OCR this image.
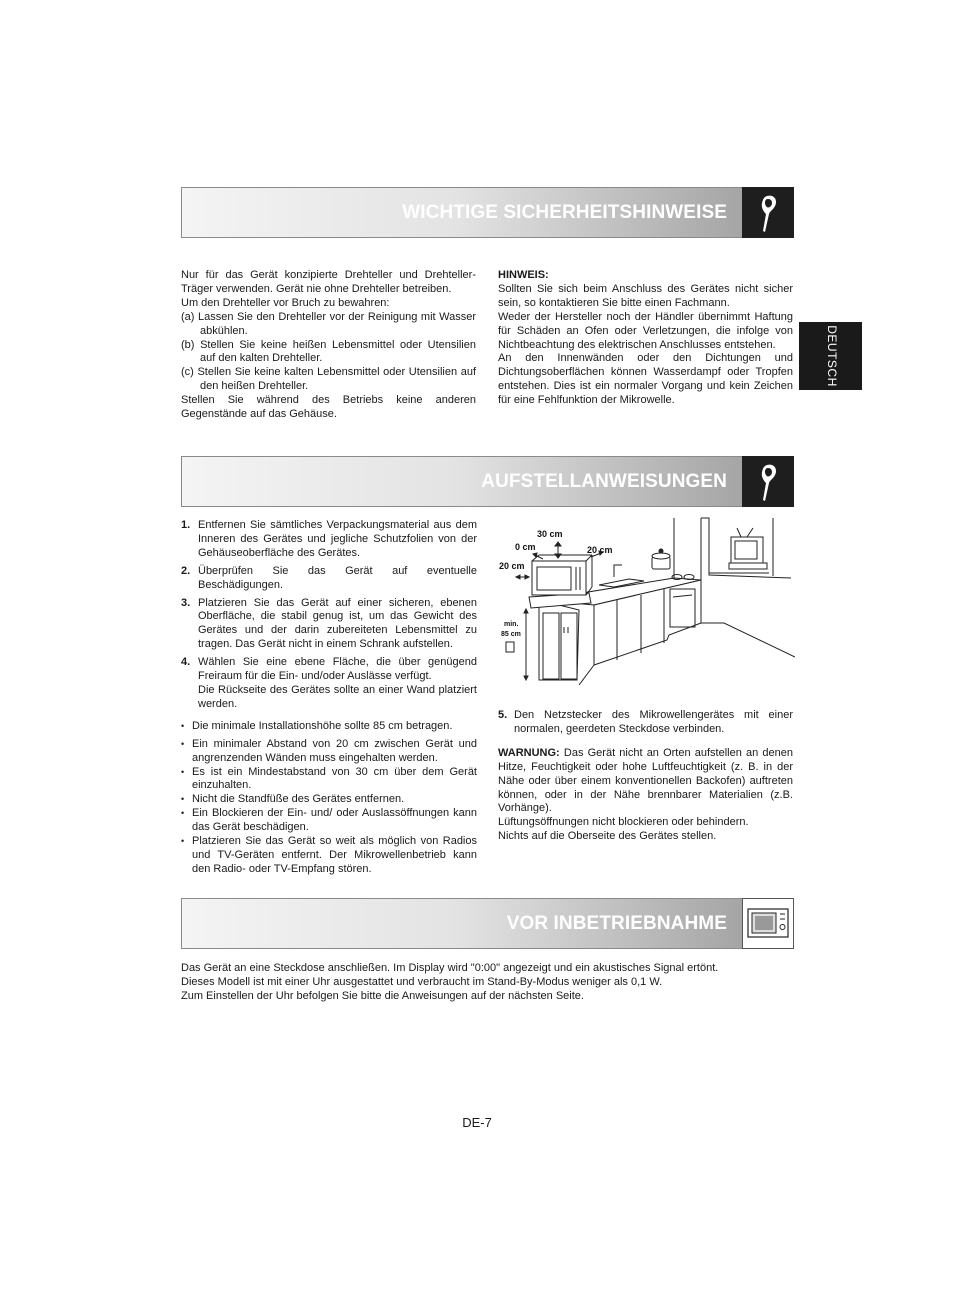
DEUTSCH
WICHTIGE SICHERHEITSHINWEISE

Nur für das Gerät konzipierte Drehteller und Drehteller-Träger verwenden. Gerät nie ohne Drehteller betreiben.

Um den Drehteller vor Bruch zu bewahren:

(a) Lassen Sie den Drehteller vor der Reinigung mit Wasser abkühlen.

(b) Stellen Sie keine heißen Lebensmittel oder Utensilien auf den kalten Drehteller.

(c) Stellen Sie keine kalten Lebensmittel oder Utensilien auf den heißen Drehteller.

Stellen Sie während des Betriebs keine anderen Gegenstände auf das Gehäuse.

HINWEIS:

Sollten Sie sich beim Anschluss des Gerätes nicht sicher sein, so kontaktieren Sie bitte einen Fachmann.

Weder der Hersteller noch der Händler übernimmt Haftung für Schäden an Ofen oder Verletzungen, die infolge von Nichtbeachtung des elektrischen Anschlusses entstehen.

An den Innenwänden oder den Dichtungen und Dichtungsoberflächen können Wasserdampf oder Tropfen entstehen. Dies ist ein normaler Vorgang und kein Zeichen für eine Fehlfunktion der Mikrowelle.

AUFSTELLANWEISUNGEN
1. Entfernen Sie sämtliches Verpackungsmaterial aus dem Inneren des Gerätes und jegliche Schutzfolien von der Gehäuseoberfläche des Gerätes.
2. Überprüfen Sie das Gerät auf eventuelle Beschädigungen.
3. Platzieren Sie das Gerät auf einer sicheren, ebenen Oberfläche, die stabil genug ist, um das Gewicht des Gerätes und der darin zubereiteten Lebensmittel zu tragen. Das Gerät nicht in einem Schrank aufstellen.
4. Wählen Sie eine ebene Fläche, die über genügend Freiraum für die Ein- und/oder Auslässe verfügt.
Die Rückseite des Gerätes sollte an einer Wand platziert werden.

• Die minimale Installationshöhe sollte 85 cm betragen.

• Ein minimaler Abstand von 20 cm zwischen Gerät und angrenzenden Wänden muss eingehalten werden.

• Es ist ein Mindestabstand von 30 cm über dem Gerät einzuhalten.

• Nicht die Standfüße des Gerätes entfernen.

• Ein Blockieren der Ein- und/ oder Auslassöffnungen kann das Gerät beschädigen.

• Platzieren Sie das Gerät so weit als möglich von Radios und TV-Geräten entfernt. Der Mikrowellenbetrieb kann den Radio- oder TV-Empfang stören.

30 cm
0 cm	20 cm
20 cm
min.
85 cm
5. Den Netzstecker des Mikrowellengerätes mit einer normalen, geerdeten Steckdose verbinden.

WARNUNG: Das Gerät nicht an Orten aufstellen an denen Hitze, Feuchtigkeit oder hohe Luftfeuchtigkeit (z. B. in der Nähe oder über einem konventionellen Backofen) auftreten können, oder in der Nähe brennbarer Materialien (z.B. Vorhänge).

Lüftungsöffnungen nicht blockieren oder behindern.

Nichts auf die Oberseite des Gerätes stellen.

VOR INBETRIEBNAHME

Das Gerät an eine Steckdose anschließen. Im Display wird "0:00" angezeigt und ein akustisches Signal ertönt.

Dieses Modell ist mit einer Uhr ausgestattet und verbraucht im Stand-By-Modus weniger als 0,1 W.

Zum Einstellen der Uhr befolgen Sie bitte die Anweisungen auf der nächsten Seite.

DE-7
